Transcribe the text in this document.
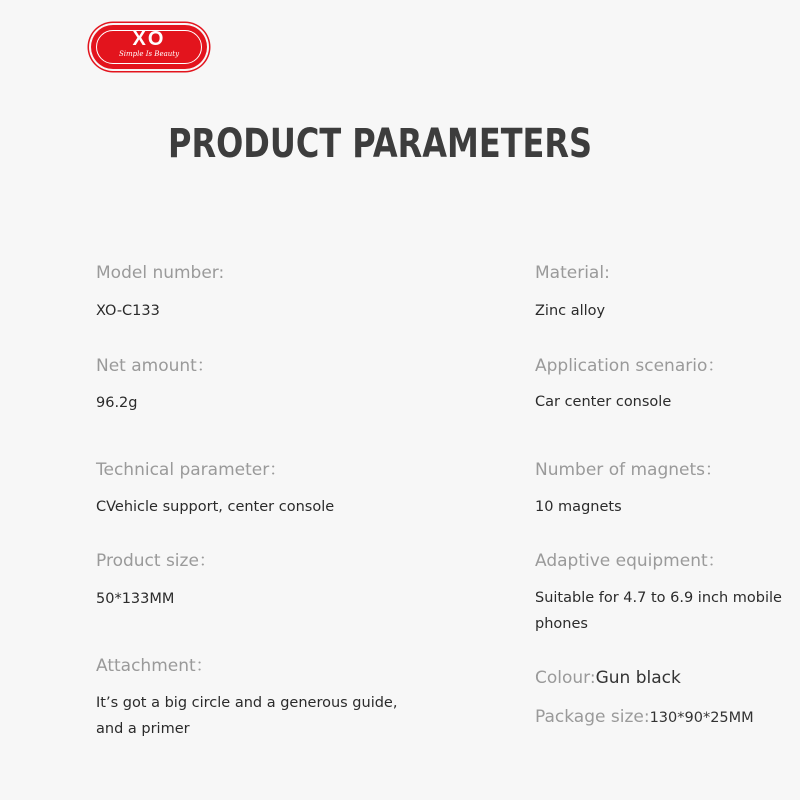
XO
Simple Is Beauty
PRODUCT PARAMETERS

Model number:

XO-C133

Net amount：

96.2g

Technical parameter：

CVehicle support, center console

Product size：

50*133MM

Attachment：

It’s got a big circle and a generous guide, and a primer

Material:

Zinc alloy

Application scenario：

Car center console

Number of magnets：

10 magnets

Adaptive equipment：

Suitable for 4.7 to 6.9 inch mobile phones

Colour:Gun black

Package size:130*90*25MM
